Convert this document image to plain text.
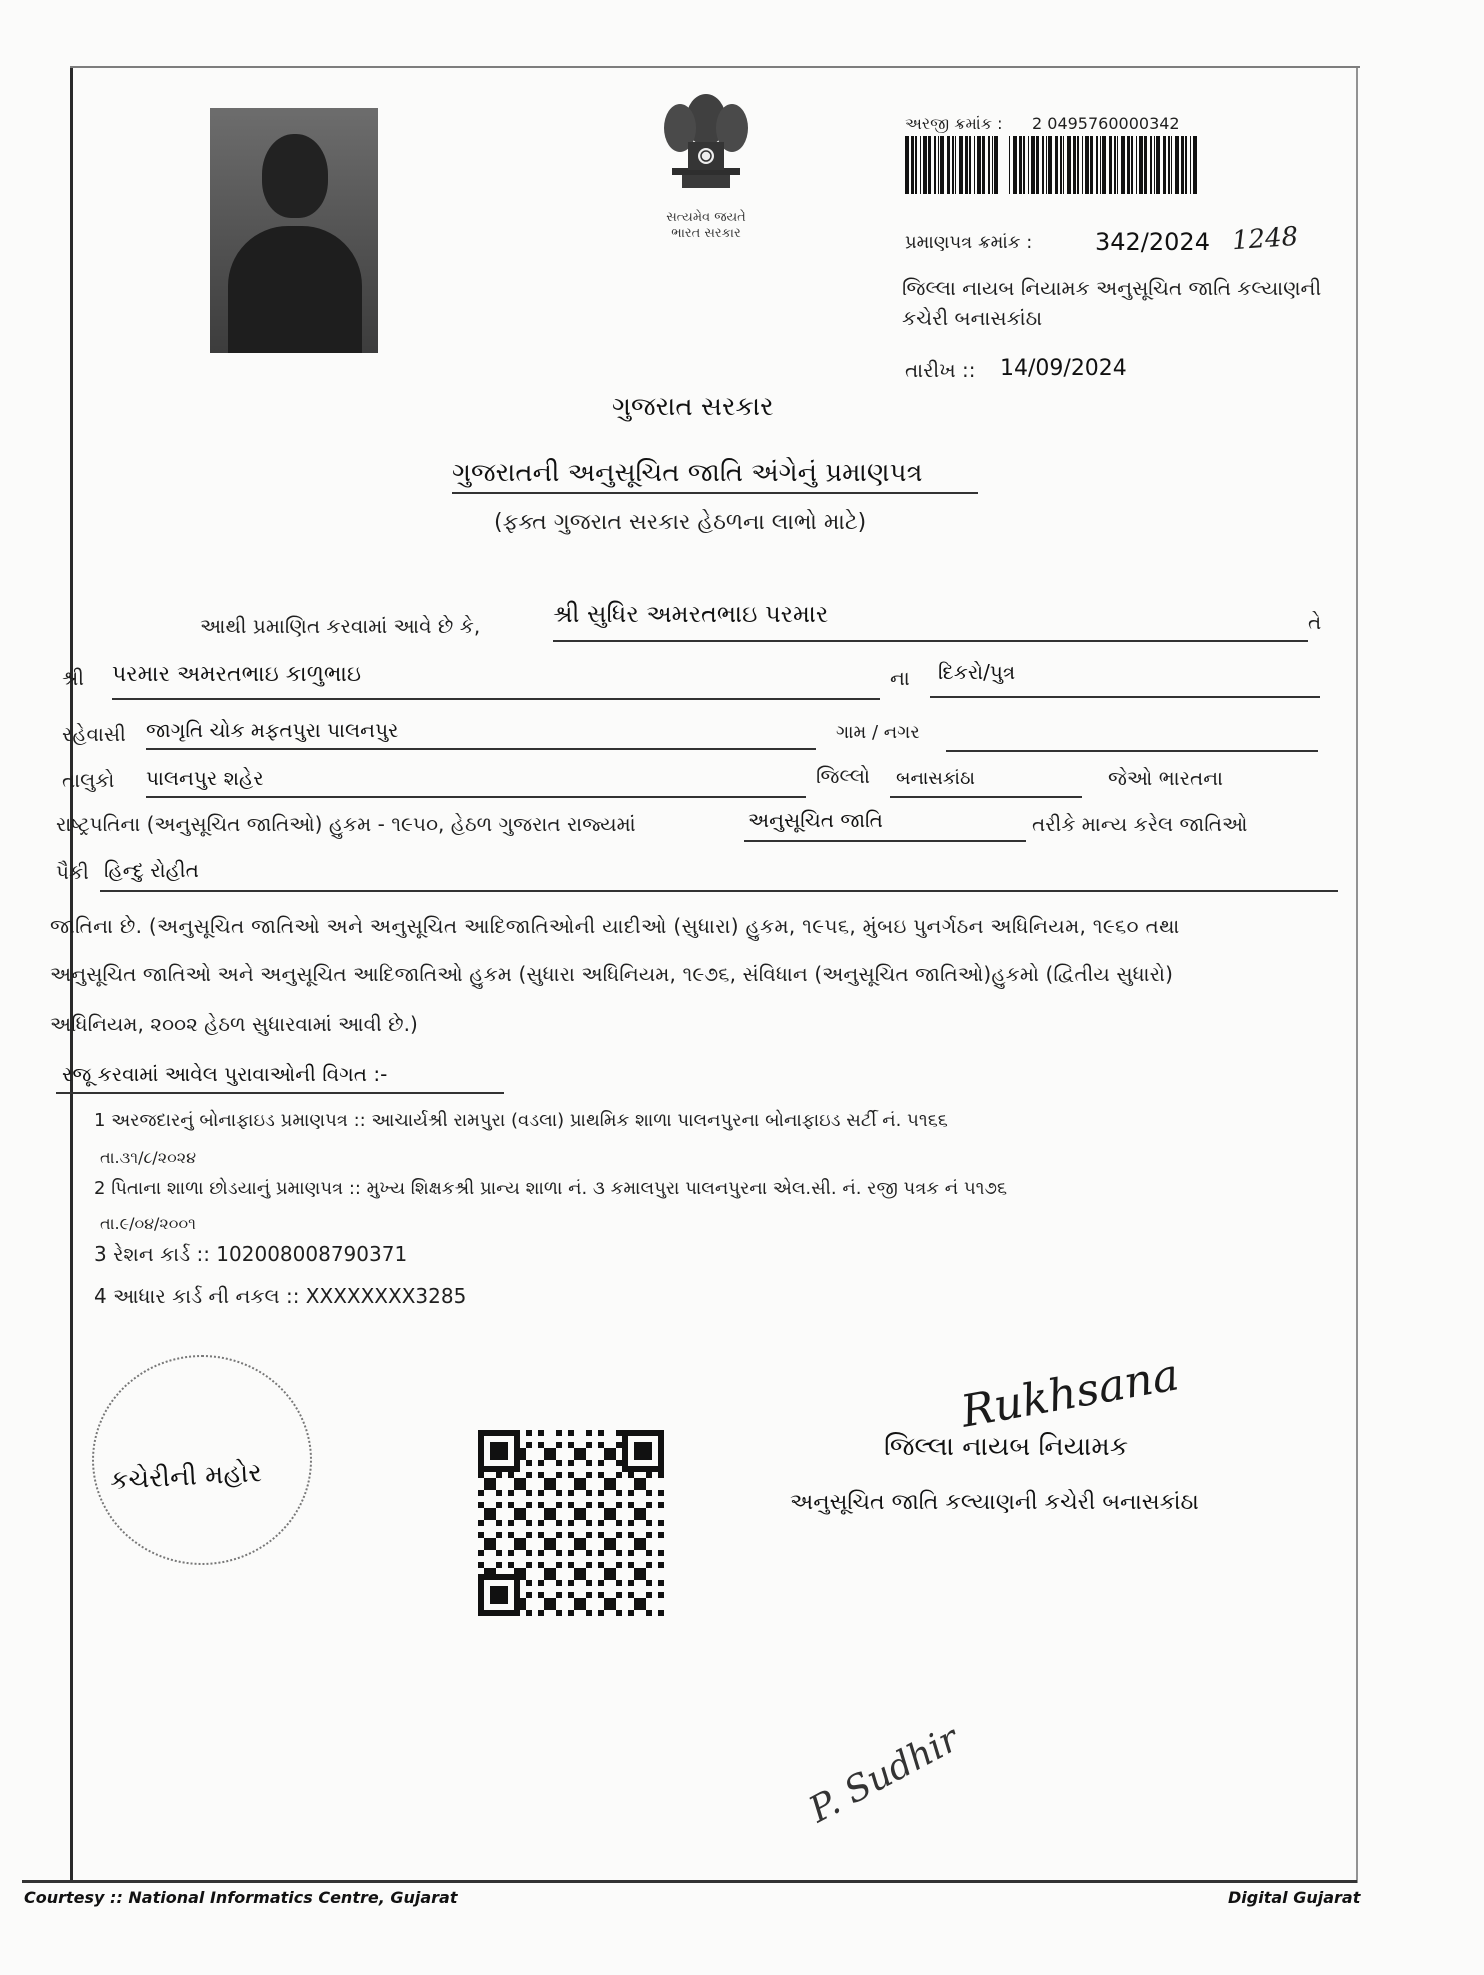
સત્યમેવ જયતે
ભારત સરકાર
અરજી ક્રમાંક : 2 0495760000342
પ્રમાણપત્ર ક્રમાંક :	342/2024 1248
જિલ્લા નાયબ નિયામક અનુસૂચિત જાતિ કલ્યાણની
કચેરી બનાસકાંઠા
તારીખ :: 14/09/2024
ગુજરાત સરકાર
ગુજરાતની અનુસૂચિત જાતિ અંગેનું પ્રમાણપત્ર
(ફક્ત ગુજરાત સરકાર હેઠળના લાભો માટે)
આથી પ્રમાણિત કરવામાં આવે છે કે,	શ્રી સુધિર અમરતભાઇ પરમાર	તે
શ્રી પરમાર અમરતભાઇ કાળુભાઇ	ના દિકરો/પુત્ર
રહેવાસી જાગૃતિ ચોક મફતપુરા પાલનપુર	ગામ / નગર
તાલુકો પાલનપુર શહેર	જિલ્લો બનાસકાંઠા	જેઓ ભારતના
રાષ્ટ્રપતિના (અનુસૂચિત જાતિઓ) હુકમ - ૧૯૫૦, હેઠળ ગુજરાત રાજ્યમાં	અનુસૂચિત જાતિ	તરીકે માન્ય કરેલ જાતિઓ
પૈકી હિન્દુ રોહીત
જાતિના છે. (અનુસૂચિત જાતિઓ અને અનુસૂચિત આદિજાતિઓની યાદીઓ (સુધારા) હુકમ, ૧૯૫૬, મુંબઇ પુનર્ગઠન અધિનિયમ, ૧૯૬૦ તથા
અનુસૂચિત જાતિઓ અને અનુસૂચિત આદિજાતિઓ હુકમ (સુધારા અધિનિયમ, ૧૯૭૬, સંવિધાન (અનુસૂચિત જાતિઓ)હુકમો (દ્વિતીય સુધારો)
અધિનિયમ, ૨૦૦૨ હેઠળ સુધારવામાં આવી છે.)
રજૂ કરવામાં આવેલ પુરાવાઓની વિગત :-
1 અરજદારનું બોનાફાઇડ પ્રમાણપત્ર :: આચાર્યશ્રી રામપુરા (વડલા) પ્રાથમિક શાળા પાલનપુરના બોનાફાઇડ સર્ટી નં. ૫૧૬૬
તા.૩૧/૮/૨૦૨૪
2 પિતાના શાળા છોડયાનું પ્રમાણપત્ર :: મુખ્ય શિક્ષકશ્રી પ્રાન્ય શાળા નં. ૩ કમાલપુરા પાલનપુરના એલ.સી. નં. રજી પત્રક નં ૫૧૭૬
તા.૯/૦૪/૨૦૦૧
3 રેશન કાર્ડ :: 102008008790371
4 આધાર કાર્ડ ની નકલ :: XXXXXXXX3285
કચેરીની મહોર
Rukhsana
જિલ્લા નાયબ નિયામક
અનુસૂચિત જાતિ કલ્યાણની કચેરી બનાસકાંઠા
P. Sudhir
Courtesy :: National Informatics Centre, Gujarat	Digital Gujarat
